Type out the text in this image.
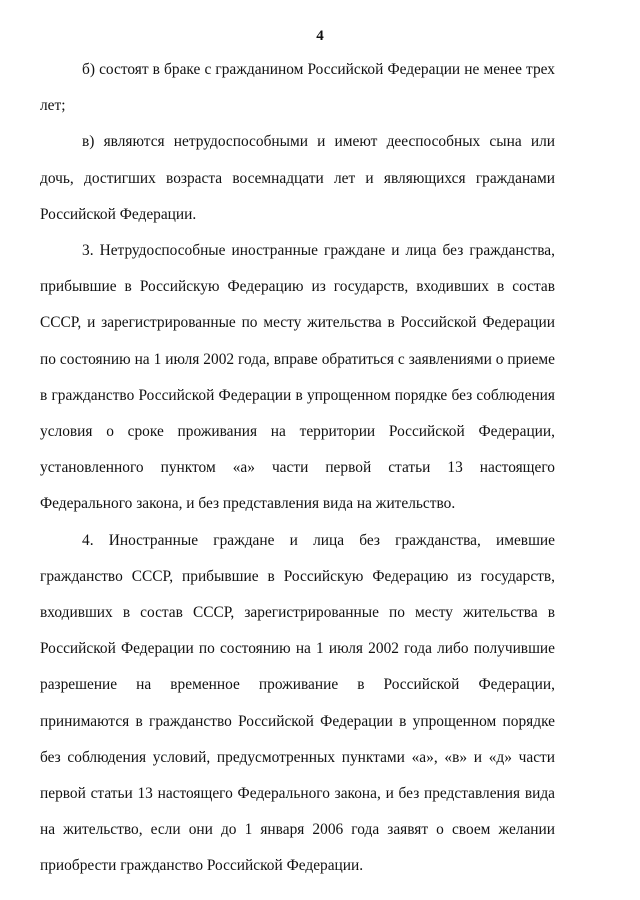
4

б) состоят в браке с гражданином Российской Федерации не менее трех лет;

в) являются нетрудоспособными и имеют дееспособных сына или дочь, достигших возраста восемнадцати лет и являющихся гражданами Российской Федерации.

3. Нетрудоспособные иностранные граждане и лица без гражданства, прибывшие в Российскую Федерацию из государств, входивших в состав СССР, и зарегистрированные по месту жительства в Российской Федерации по состоянию на 1 июля 2002 года, вправе обратиться с заявлениями о приеме в гражданство Российской Федерации в упрощенном порядке без соблюдения условия о сроке проживания на территории Российской Федерации, установленного пунктом «а» части первой статьи 13 настоящего Федерального закона, и без представления вида на жительство.

4. Иностранные граждане и лица без гражданства, имевшие гражданство СССР, прибывшие в Российскую Федерацию из государств, входивших в состав СССР, зарегистрированные по месту жительства в Российской Федерации по состоянию на 1 июля 2002 года либо получившие разрешение на временное проживание в Российской Федерации, принимаются в гражданство Российской Федерации в упрощенном порядке без соблюдения условий, предусмотренных пунктами «а», «в» и «д» части первой статьи 13 настоящего Федерального закона, и без представления вида на жительство, если они до 1 января 2006 года заявят о своем желании приобрести гражданство Российской Федерации.
